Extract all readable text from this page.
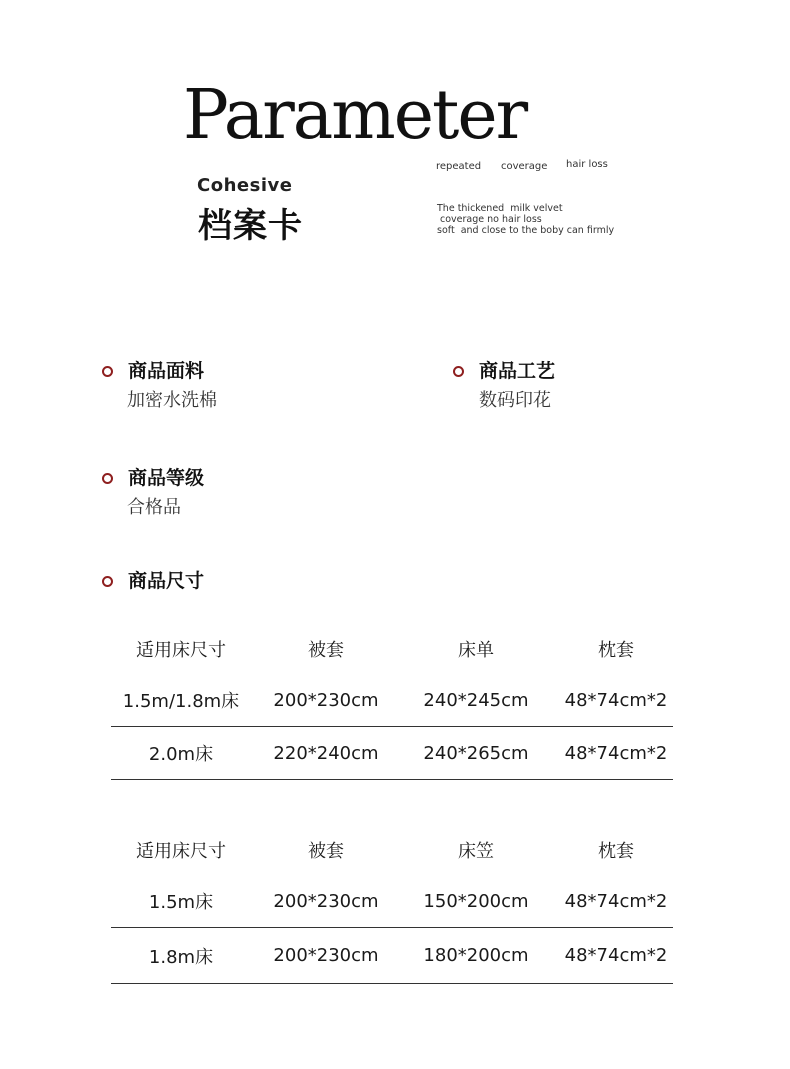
Parameter
Cohesive
档案卡
repeated coverage hair loss
The thickened  milk velvet
coverage no hair loss
soft  and close to the boby can firmly
商品面料
加密水洗棉
商品工艺
数码印花
商品等级
合格品
商品尺寸
适用床尺寸	被套	床单	枕套
1.5m/1.8m床	200*230cm	240*245cm	48*74cm*2
2.0m床	220*240cm	240*265cm	48*74cm*2
适用床尺寸	被套	床笠	枕套
1.5m床	200*230cm	150*200cm	48*74cm*2
1.8m床	200*230cm	180*200cm	48*74cm*2
